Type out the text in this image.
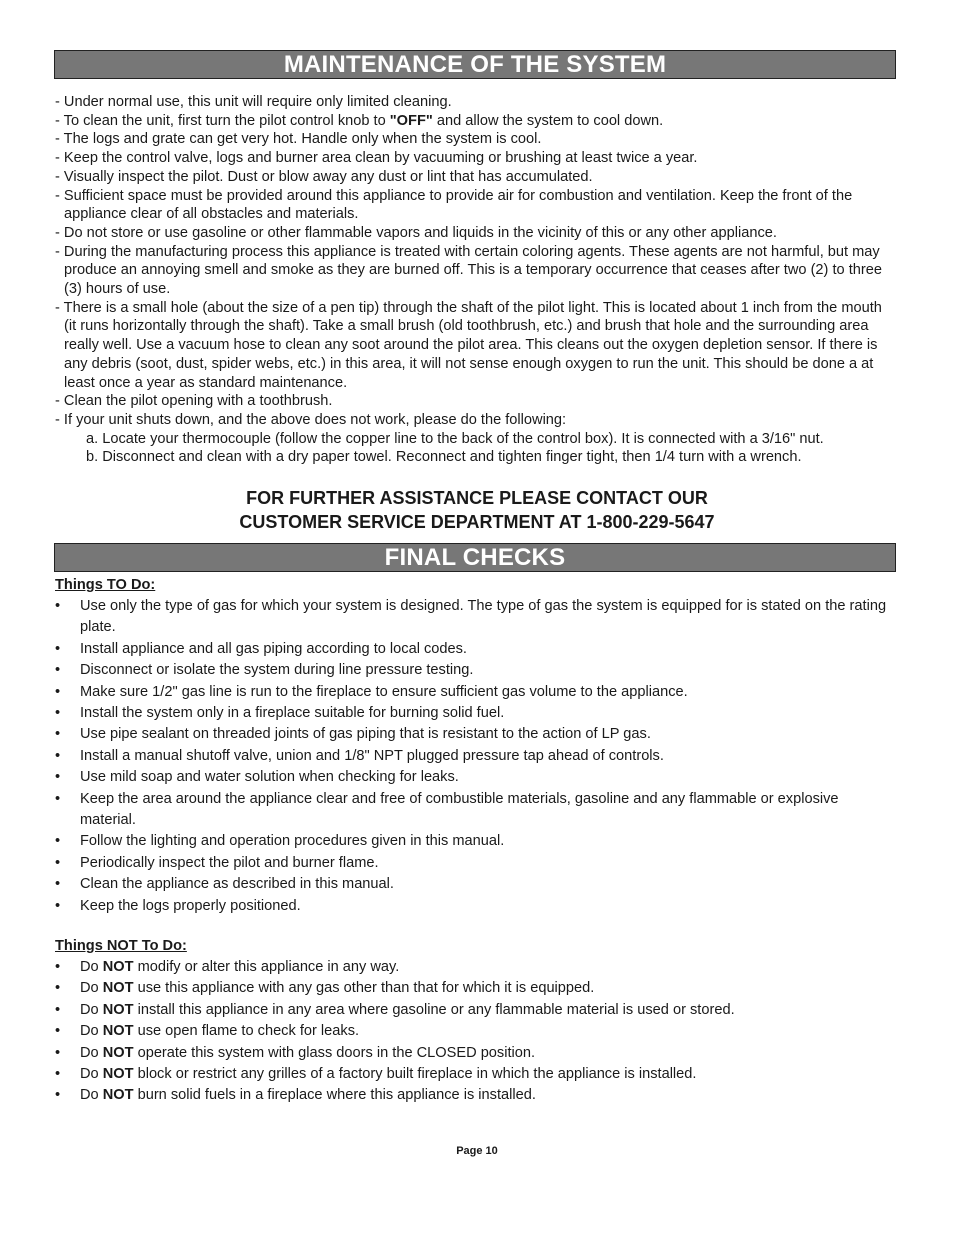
MAINTENANCE OF THE SYSTEM
- Under normal use, this unit will require only limited cleaning.
- To clean the unit, first turn the pilot control knob to "OFF" and allow the system to cool down.
- The logs and grate can get very hot. Handle only when the system is cool.
- Keep the control valve, logs and burner area clean by vacuuming or brushing at least twice a year.
- Visually inspect the pilot. Dust or blow away any dust or lint that has accumulated.
- Sufficient space must be provided around this appliance to provide air for combustion and ventilation. Keep the front of the appliance clear of all obstacles and materials.
- Do not store or use gasoline or other flammable vapors and liquids in the vicinity of this or any other appliance.
- During the manufacturing process this appliance is treated with certain coloring agents. These agents are not harmful, but may produce an annoying smell and smoke as they are burned off. This is a temporary occurrence that ceases after two (2) to three (3) hours of use.
- There is a small hole (about the size of a pen tip) through the shaft of the pilot light. This is located about 1 inch from the mouth (it runs horizontally through the shaft). Take a small brush (old toothbrush, etc.) and brush that hole and the surrounding area really well. Use a vacuum hose to clean any soot around the pilot area. This cleans out the oxygen depletion sensor. If there is any debris (soot, dust, spider webs, etc.) in this area, it will not sense enough oxygen to run the unit. This should be done a at least once a year as standard maintenance.
- Clean the pilot opening with a toothbrush.
- If your unit shuts down, and the above does not work, please do the following:
a. Locate your thermocouple (follow the copper line to the back of the control box). It is connected with a 3/16" nut.
b. Disconnect and clean with a dry paper towel. Reconnect and tighten finger tight, then 1/4 turn with a wrench.
FOR FURTHER ASSISTANCE PLEASE CONTACT OUR
CUSTOMER SERVICE DEPARTMENT AT 1-800-229-5647
FINAL CHECKS
Things TO Do:
• Use only the type of gas for which your system is designed. The type of gas the system is equipped for is stated on the rating plate.
• Install appliance and all gas piping according to local codes.
• Disconnect or isolate the system during line pressure testing.
• Make sure 1/2" gas line is run to the fireplace to ensure sufficient gas volume to the appliance.
• Install the system only in a fireplace suitable for burning solid fuel.
• Use pipe sealant on threaded joints of gas piping that is resistant to the action of LP gas.
• Install a manual shutoff valve, union and 1/8" NPT plugged pressure tap ahead of controls.
• Use mild soap and water solution when checking for leaks.
• Keep the area around the appliance clear and free of combustible materials, gasoline and any flammable or explosive material.
• Follow the lighting and operation procedures given in this manual.
• Periodically inspect the pilot and burner flame.
• Clean the appliance as described in this manual.
• Keep the logs properly positioned.
Things NOT To Do:
• Do NOT modify or alter this appliance in any way.
• Do NOT use this appliance with any gas other than that for which it is equipped.
• Do NOT install this appliance in any area where gasoline or any flammable material is used or stored.
• Do NOT use open flame to check for leaks.
• Do NOT operate this system with glass doors in the CLOSED position.
• Do NOT block or restrict any grilles of a factory built fireplace in which the appliance is installed.
• Do NOT burn solid fuels in a fireplace where this appliance is installed.
Page 10
